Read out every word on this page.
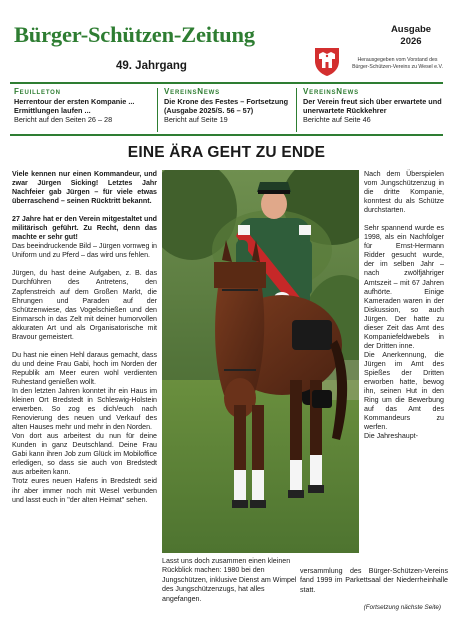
Bürger-Schützen-Zeitung
49. Jahrgang
Ausgabe
2026
Herausgegeben vom Vorstand des
Bürger-Schützen-Vereins zu Wesel e.V.
Feuilleton
Herrentour der ersten Kompanie ... Ermittlungen laufen ...
Bericht auf den Seiten 26 – 28
VereinsNews
Die Krone des Festes – Fortsetzung (Ausgabe 2025/S. 56 – 57)
Bericht auf Seite 19
VereinsNews
Der Verein freut sich über erwartete und unerwartete Rückkehrer
Berichte auf Seite 46
EINE ÄRA GEHT ZU ENDE

Viele kennen nur einen Kommandeur, und zwar Jürgen Sicking! Letztes Jahr Nachfeier gab Jürgen – für viele etwas überraschend – seinen Rücktritt bekannt.

27 Jahre hat er den Verein mitgestaltet und militärisch geführt. Zu Recht, denn das machte er sehr gut!

Das beeindruckende Bild – Jürgen vornweg in Uniform und zu Pferd – das wird uns fehlen.

Jürgen, du hast deine Aufgaben, z. B. das Durchführen des Antretens, den Zapfenstreich auf dem Großen Markt, die Ehrungen und Paraden auf der Schützenwiese, das Vogelschießen und den Einmarsch in das Zelt mit deiner humorvollen akkuraten Art und als Organisatorische mit Bravour gemeistert.

Du hast nie einen Hehl daraus gemacht, dass du und deine Frau Gabi, hoch im Norden der Republik am Meer euren wohl verdienten Ruhestand genießen wollt.

In den letzten Jahren konntet ihr ein Haus im kleinen Ort Bredstedt in Schleswig-Holstein erwerben. So zog es dich/euch nach Renovierung des neuen und Verkauf des alten Hauses mehr und mehr in den Norden.

Von dort aus arbeitest du nun für deine Kunden in ganz Deutschland. Deine Frau Gabi kann ihren Job zum Glück im Mobiloffice erledigen, so dass sie auch von Bredstedt aus arbeiten kann.

Trotz eures neuen Hafens in Bredstedt seid ihr aber immer noch mit Wesel verbunden und lasst euch in "der alten Heimat" sehen.

Nach dem Überspielen vom Jungschützenzug in die dritte Kompanie, konntest du als Schütze durchstarten.

Sehr spannend wurde es 1998, als ein Nachfolger für Ernst-Hermann Ridder gesucht wurde, der im selben Jahr – nach zwölfjähriger Amtszeit – mit 67 Jahren aufhörte. Einige Kameraden waren in der Diskussion, so auch Jürgen. Der hatte zu dieser Zeit das Amt des Kompaniefeldwebels in der Dritten inne.

Die Anerkennung, die Jürgen im Amt des Spießes der Dritten erworben hatte, bewog ihn, seinen Hut in den Ring um die Bewerbung auf das Amt des Kommandeurs zu werfen.

Die Jahreshaupt-

Lasst uns doch zusammen einen kleinen Rückblick machen: 1980 bei den Jungschützen, inklusive Dienst am Wimpel des Jungschützenzugs, hat alles angefangen.
versammlung des Bürger-Schützen-Vereins fand 1999 im Parkettsaal der Niederrheinhalle statt.
(Fortsetzung nächste Seite)
